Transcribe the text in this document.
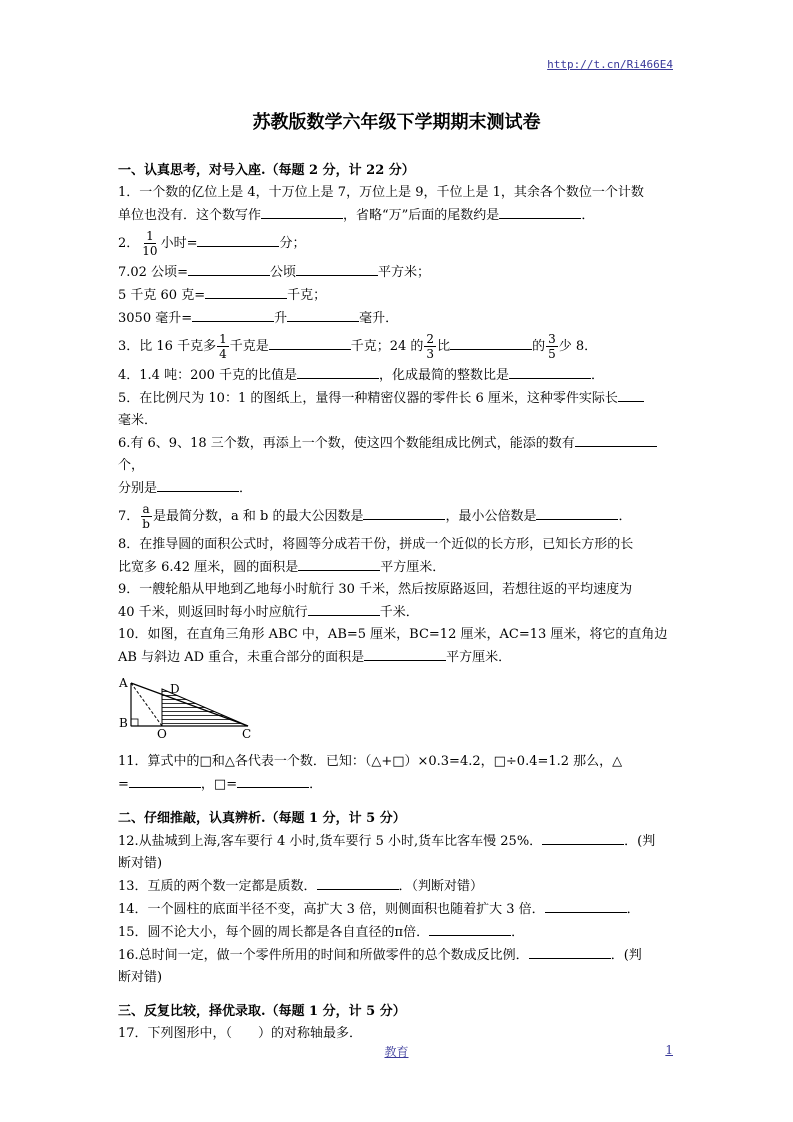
http://t.cn/Ri466E4
苏教版数学六年级下学期期末测试卷

一、认真思考，对号入座.（每题 2 分，计 22 分）

1．一个数的亿位上是 4，十万位上是 7，万位上是 9，千位上是 1，其余各个数位一个计数
单位也没有．这个数写作	，省略“万”后面的尾数约是	．

2． $\frac{1}{10}$ 小时=	分；

7.02 公顷=	公顷	平方米；

5 千克 60 克=	千克；

3050 毫升=	升	毫升．

3．比 16 千克多 $\frac{1}{4}$ 千克是	千克；24 的 $\frac{2}{3}$ 比	的 $\frac{3}{5}$ 少 8．

4．1.4 吨：200 千克的比值是	，化成最简的整数比是	．

5．在比例尺为 10：1 的图纸上，量得一种精密仪器的零件长 6 厘米，这种零件实际长
毫米．

6.有 6、9、18 三个数，再添上一个数，使这四个数能组成比例式，能添的数有个，
分别是	．

7． $\frac{a}{b}$ 是最简分数，a 和 b 的最大公因数是	，最小公倍数是	．

8．在推导圆的面积公式时，将圆等分成若干份，拼成一个近似的长方形，已知长方形的长
比宽多 6.42 厘米，圆的面积是	平方厘米．

9．一艘轮船从甲地到乙地每小时航行 30 千米，然后按原路返回，若想往返的平均速度为
40 千米，则返回时每小时应航行	千米．

10．如图，在直角三角形 ABC 中，AB=5 厘米，BC=12 厘米，AC=13 厘米，将它的直角边
AB 与斜边 AD 重合，未重合部分的面积是	平方厘米．

A
B
D
O	C

11．算式中的□和△各代表一个数．已知：（△+□）×0.3=4.2，□÷0.4=1.2 那么，△
=	，□=	．

二、仔细推敲，认真辨析.（每题 1 分，计 5 分）

12.从盐城到上海,客车要行 4 小时,货车要行 5 小时,货车比客车慢 25%．	．(判
断对错)

13．互质的两个数一定都是质数．	．（判断对错）

14．一个圆柱的底面半径不变，高扩大 3 倍，则侧面积也随着扩大 3 倍．	．

15．圆不论大小，每个圆的周长都是各自直径的π倍．	．

16.总时间一定，做一个零件所用的时间和所做零件的总个数成反比例．	．(判
断对错)

三、反复比较，择优录取.（每题 1 分，计 5 分）

17．下列图形中，（　　）的对称轴最多．

教育	1
